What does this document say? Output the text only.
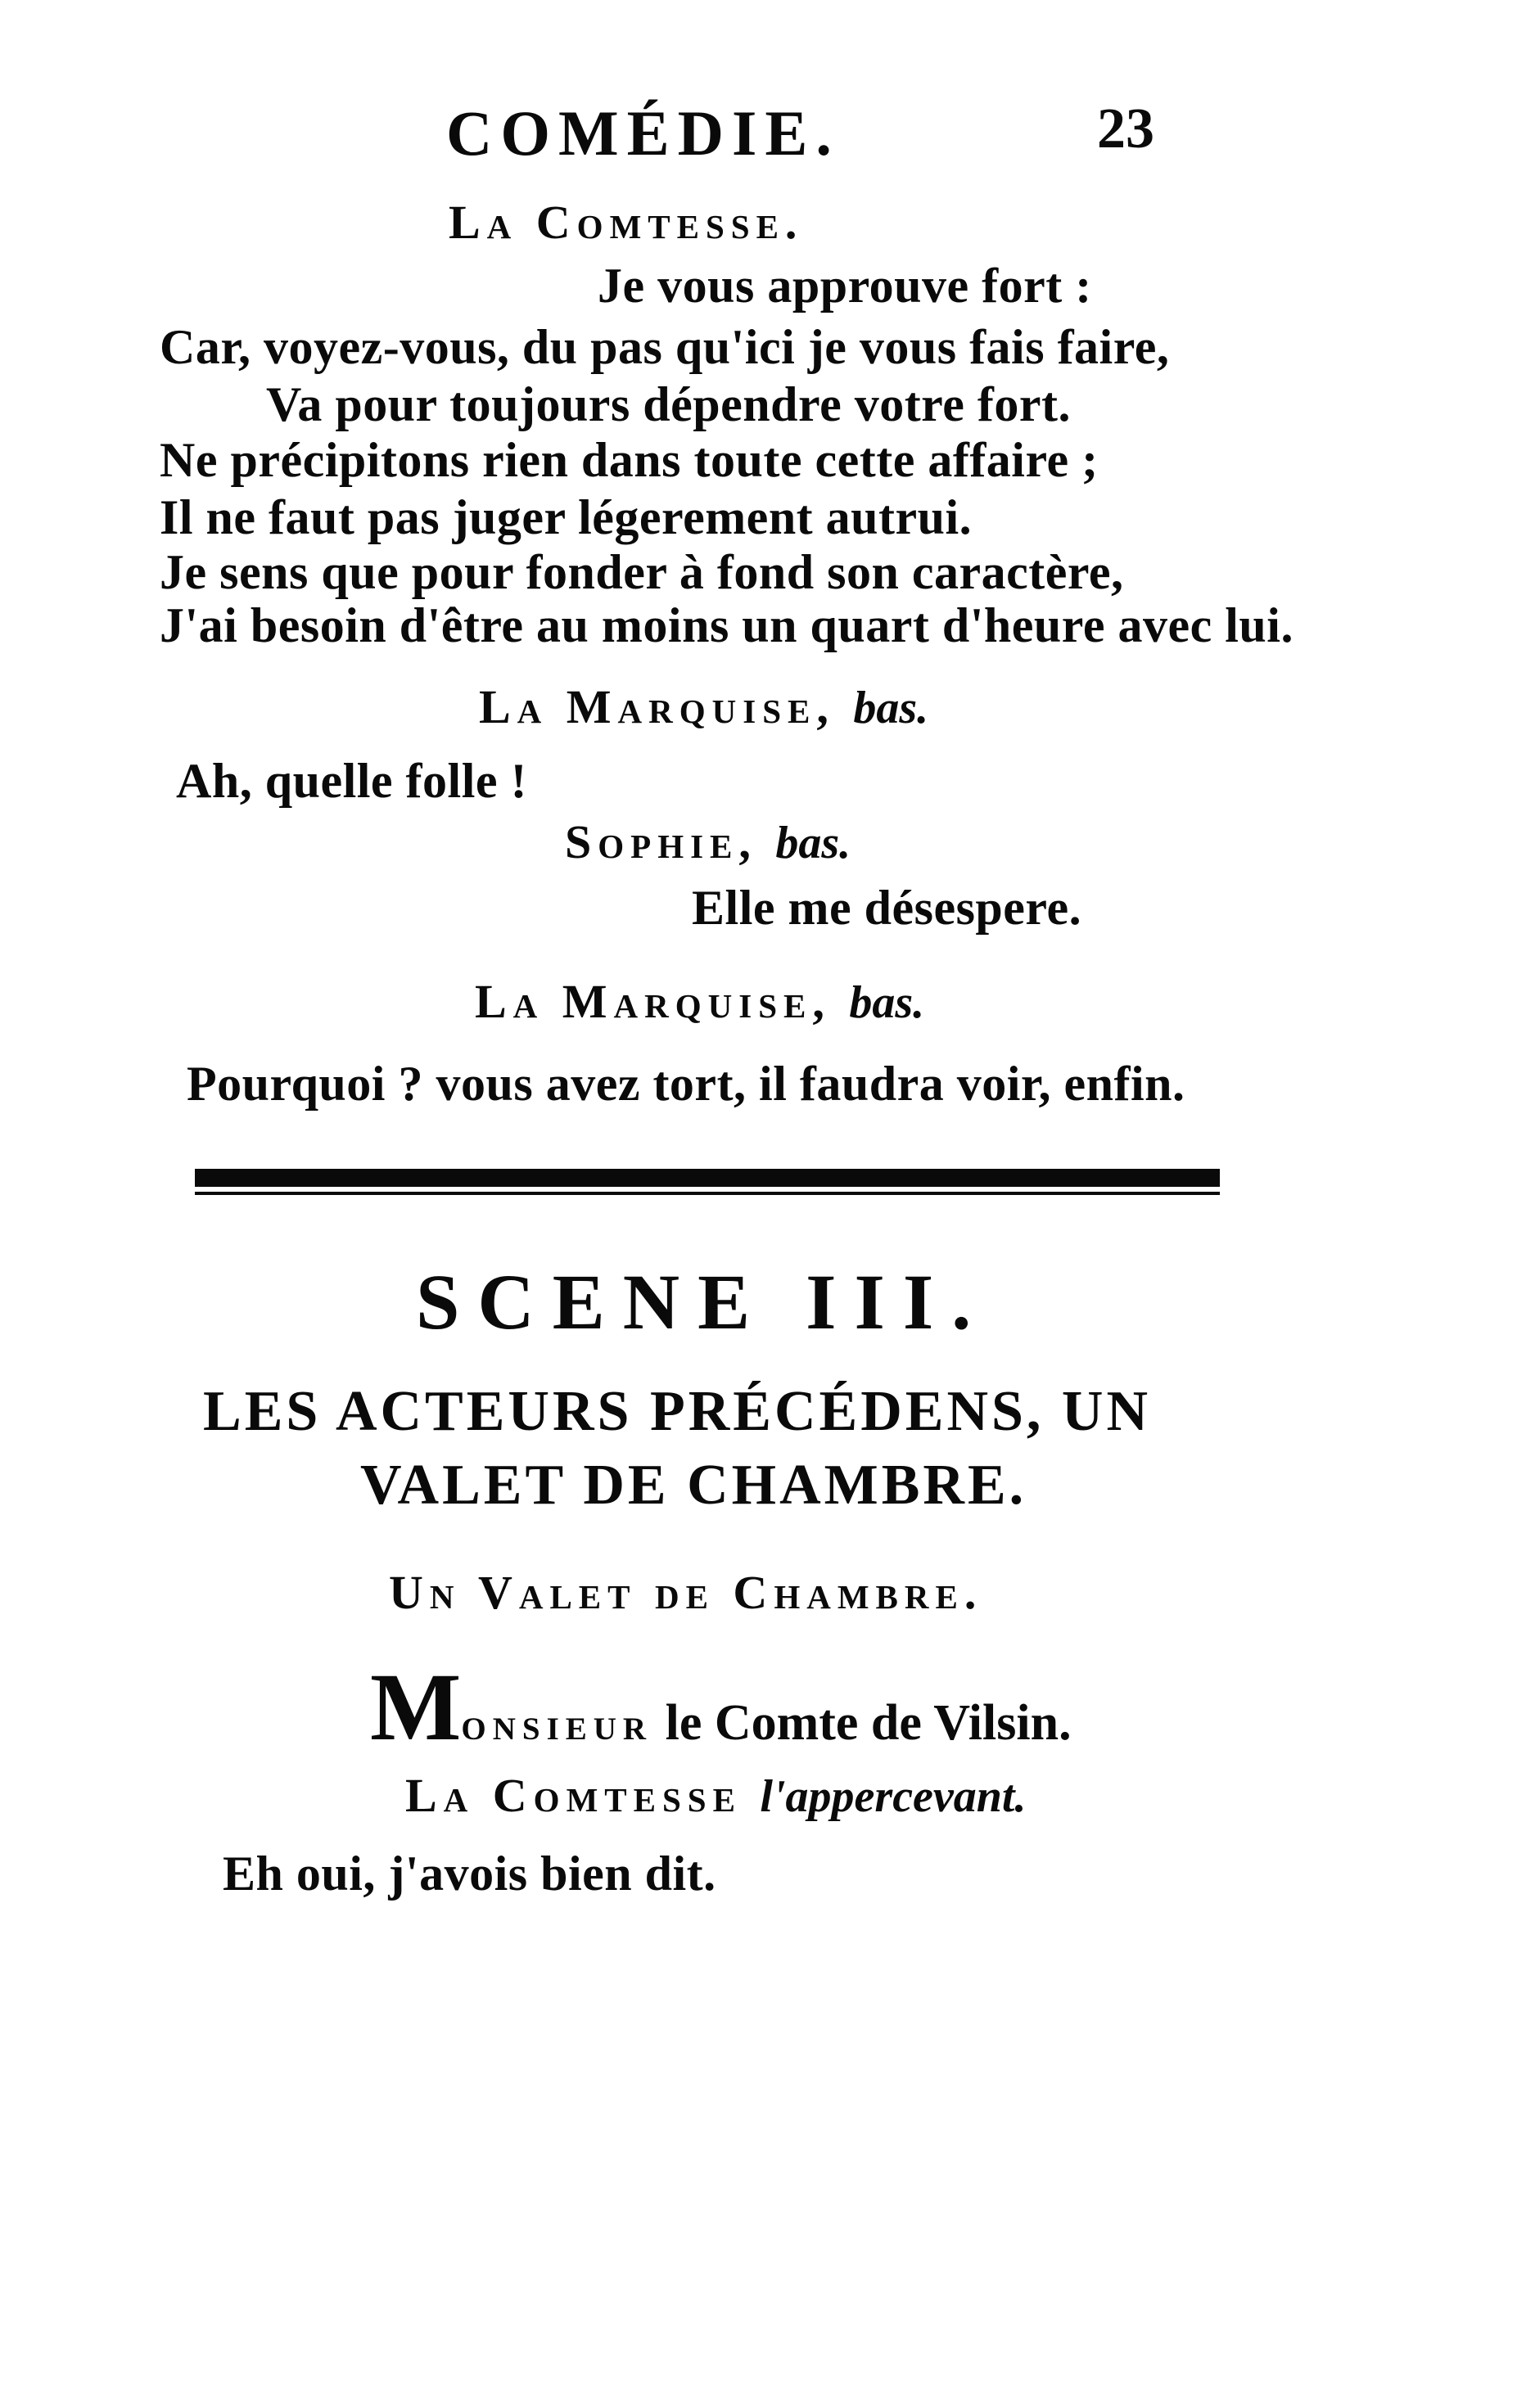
COMÉDIE.	23
La Comtesse.
Je vous approuve fort :
Car, voyez-vous, du pas qu'ici je vous fais faire,
Va pour toujours dépendre votre fort.
Ne précipitons rien dans toute cette affaire ;
Il ne faut pas juger légerement autrui.
Je sens que pour fonder à fond son caractère,
J'ai besoin d'être au moins un quart d'heure avec lui.
La Marquise, bas.
Ah, quelle folle !
Sophie, bas.
Elle me désespere.
La Marquise, bas.
Pourquoi ? vous avez tort, il faudra voir, enfin.
SCENE III.
LES ACTEURS PRÉCÉDENS, UN
VALET DE CHAMBRE.
Un Valet de Chambre.
Monsieur le Comte de Vilsin.
La Comtesse l'appercevant.
Eh oui, j'avois bien dit.
